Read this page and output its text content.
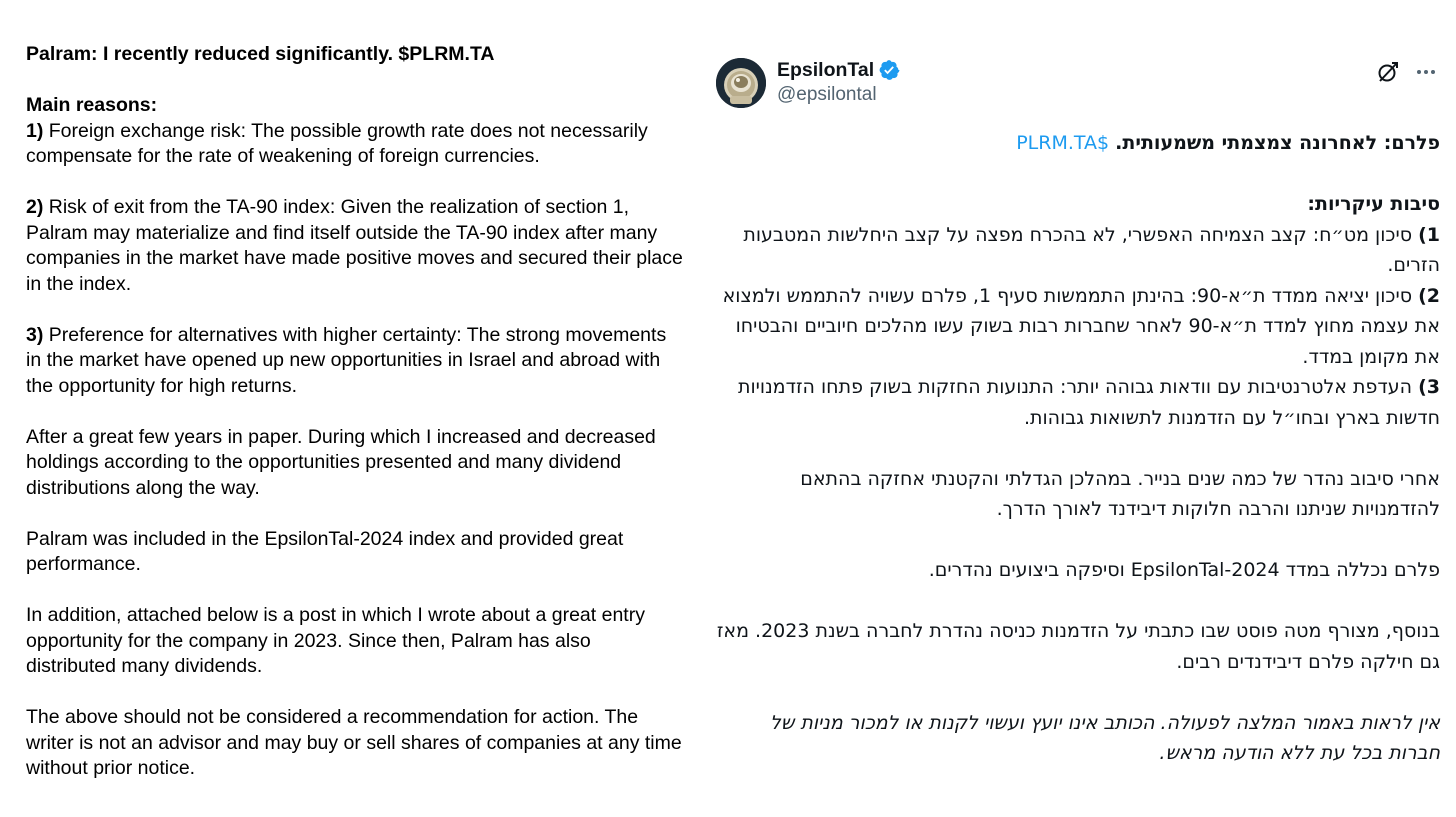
Palram: I recently reduced significantly. $PLRM.TA

Main reasons:
1) Foreign exchange risk: The possible growth rate does not necessarily compensate for the rate of weakening of foreign currencies.

2) Risk of exit from the TA-90 index: Given the realization of section 1, Palram may materialize and find itself outside the TA-90 index after many companies in the market have made positive moves and secured their place in the index.

3) Preference for alternatives with higher certainty: The strong movements in the market have opened up new opportunities in Israel and abroad with the opportunity for high returns.

After a great few years in paper. During which I increased and decreased holdings according to the opportunities presented and many dividend distributions along the way.

Palram was included in the EpsilonTal-2024 index and provided great performance.

In addition, attached below is a post in which I wrote about a great entry opportunity for the company in 2023. Since then, Palram has also distributed many dividends.

The above should not be considered a recommendation for action. The writer is not an advisor and may buy or sell shares of companies at any time without prior notice.

EpsilonTal
@epsilontal

פלרם: לאחרונה צמצמתי משמעותית. $PLRM.TA

סיבות עיקריות:
1) סיכון מט״ח: קצב הצמיחה האפשרי, לא בהכרח מפצה על קצב היחלשות המטבעות הזרים.
2) סיכון יציאה ממדד ת״א-90: בהינתן התממשות סעיף 1, פלרם עשויה להתממש ולמצוא את עצמה מחוץ למדד ת״א-90 לאחר שחברות רבות בשוק עשו מהלכים חיוביים והבטיחו את מקומן במדד.
3) העדפת אלטרנטיבות עם וודאות גבוהה יותר: התנועות החזקות בשוק פתחו הזדמנויות חדשות בארץ ובחו״ל עם הזדמנות לתשואות גבוהות.

אחרי סיבוב נהדר של כמה שנים בנייר. במהלכן הגדלתי והקטנתי אחזקה בהתאם להזדמנויות שניתנו והרבה חלוקות דיבידנד לאורך הדרך.

פלרם נכללה במדד EpsilonTal-2024 וסיפקה ביצועים נהדרים.

בנוסף, מצורף מטה פוסט שבו כתבתי על הזדמנות כניסה נהדרת לחברה בשנת 2023. מאז גם חילקה פלרם דיבידנדים רבים.

אין לראות באמור המלצה לפעולה. הכותב אינו יועץ ועשוי לקנות או למכור מניות של חברות בכל עת ללא הודעה מראש.
